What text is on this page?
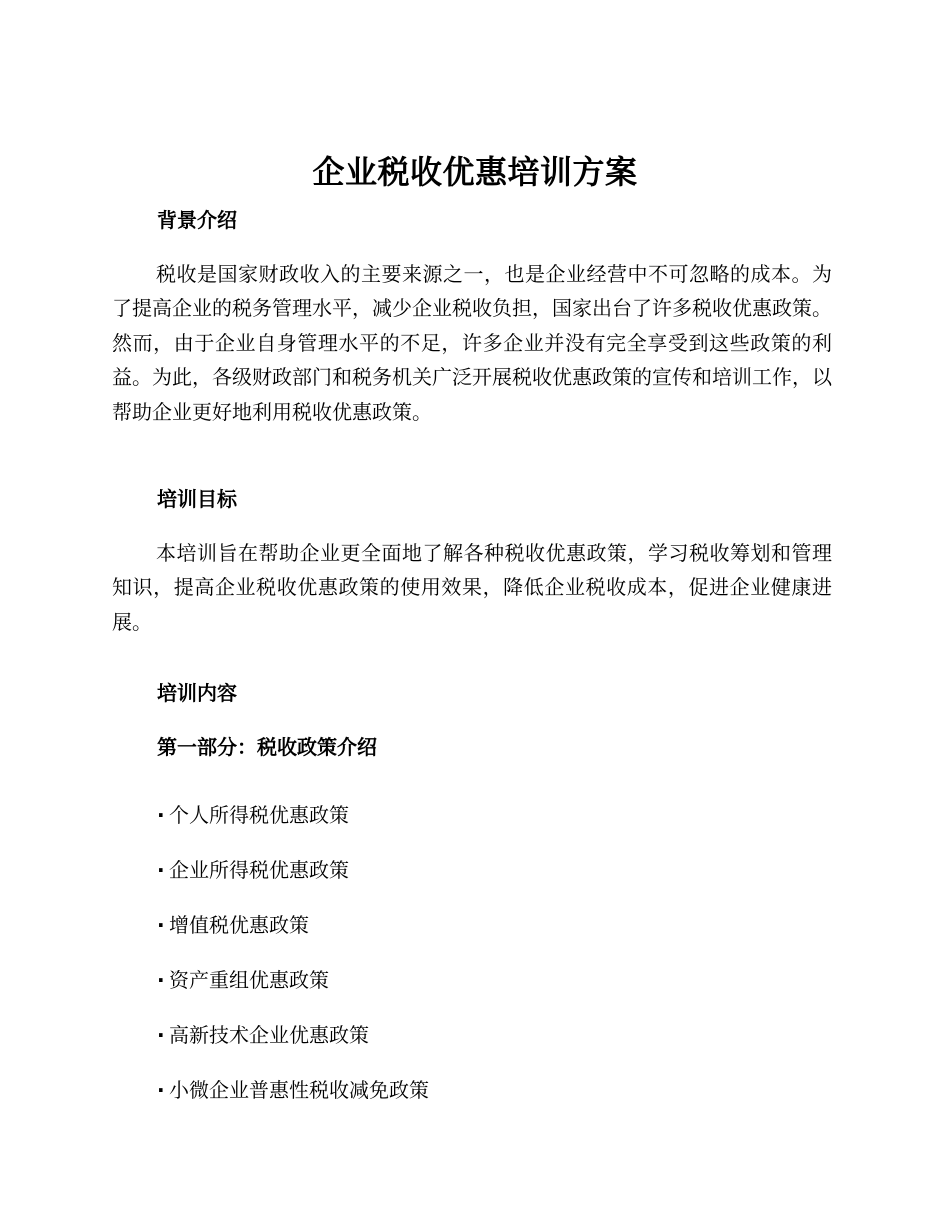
企业税收优惠培训方案
背景介绍

税收是国家财政收入的主要来源之一，也是企业经营中不可忽略的成本。为了提高企业的税务管理水平，减少企业税收负担，国家出台了许多税收优惠政策。然而，由于企业自身管理水平的不足，许多企业并没有完全享受到这些政策的利益。为此，各级财政部门和税务机关广泛开展税收优惠政策的宣传和培训工作，以帮助企业更好地利用税收优惠政策。

培训目标

本培训旨在帮助企业更全面地了解各种税收优惠政策，学习税收筹划和管理知识，提高企业税收优惠政策的使用效果，降低企业税收成本，促进企业健康进展。

培训内容
第一部分：税收政策介绍
· 个人所得税优惠政策
· 企业所得税优惠政策
· 增值税优惠政策
· 资产重组优惠政策
· 高新技术企业优惠政策
· 小微企业普惠性税收减免政策
